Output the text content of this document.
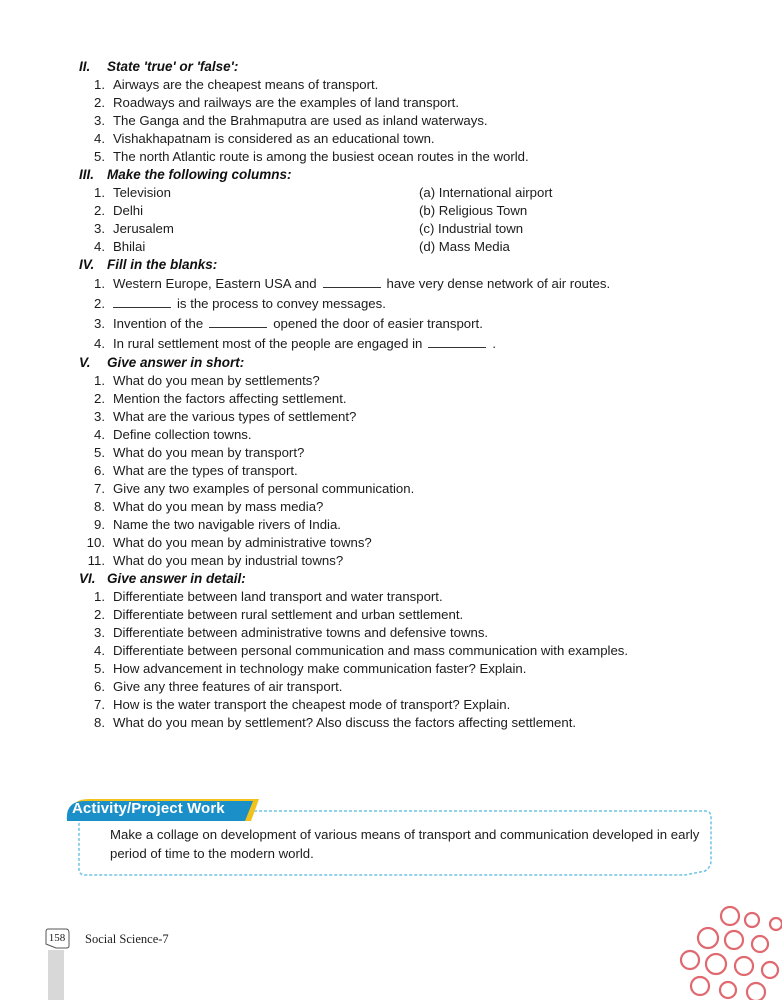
II.	State 'true' or 'false':
1. Airways are the cheapest means of transport.
2. Roadways and railways are the examples of land transport.
3. The Ganga and the Brahmaputra are used as inland waterways.
4. Vishakhapatnam is considered as an educational town.
5. The north Atlantic route is among the busiest ocean routes in the world.
III. Make the following columns:
1. Television	(a) International airport
2. Delhi	(b) Religious Town
3. Jerusalem	(c) Industrial town
4. Bhilai	(d) Mass Media
IV. Fill in the blanks:
1. Western Europe, Eastern USA and	have very dense network of air routes.
2.	is the process to convey messages.
3. Invention of the	opened the door of easier transport.
4. In rural settlement most of the people are engaged in	.
V.	Give answer in short:
1. What do you mean by settlements?
2. Mention the factors affecting settlement.
3. What are the various types of settlement?
4. Define collection towns.
5. What do you mean by transport?
6. What are the types of transport.
7. Give any two examples of personal communication.
8. What do you mean by mass media?
9. Name the two navigable rivers of India.
10. What do you mean by administrative towns?
11. What do you mean by industrial towns?
VI. Give answer in detail:
1. Differentiate between land transport and water transport.
2. Differentiate between rural settlement and urban settlement.
3. Differentiate between administrative towns and defensive towns.
4. Differentiate between personal communication and mass communication with examples.
5. How advancement in technology make communication faster? Explain.
6. Give any three features of air transport.
7. How is the water transport the cheapest mode of transport? Explain.
8. What do you mean by settlement? Also discuss the factors affecting settlement.
Activity/Project Work
Make a collage on development of various means of transport and communication developed in early period of time to the modern world.
158 Social Science-7
